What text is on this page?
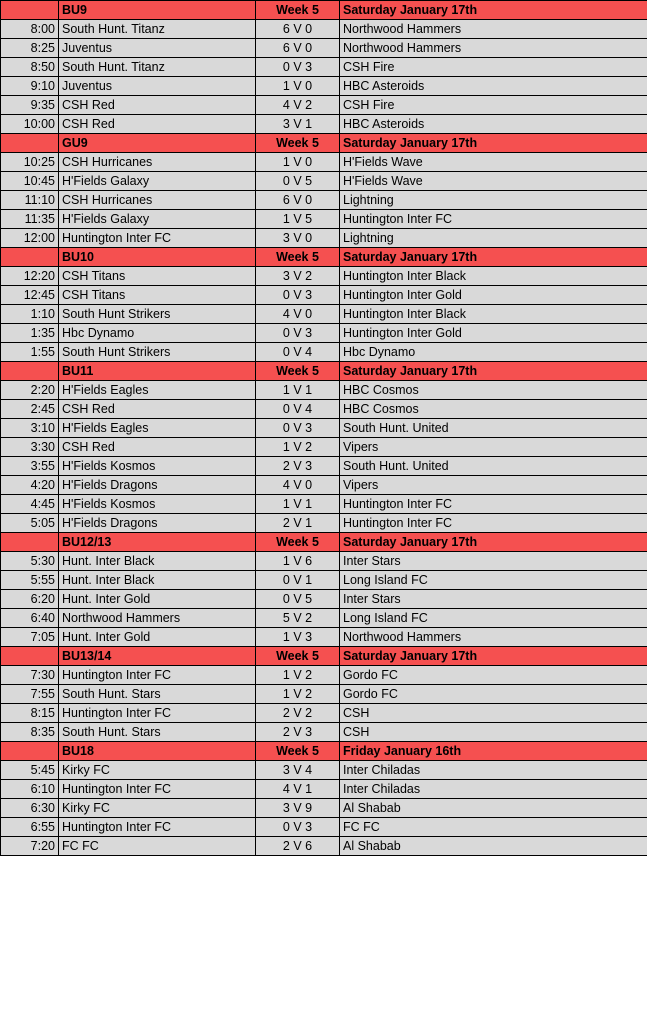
	BU9	Week 5	Saturday January 17th
8:00	South Hunt. Titanz	6 V 0	Northwood Hammers
8:25	Juventus	6 V 0	Northwood Hammers
8:50	South Hunt. Titanz	0 V 3	CSH Fire
9:10	Juventus	1 V 0	HBC Asteroids
9:35	CSH Red	4 V 2	CSH Fire
10:00	CSH Red	3 V 1	HBC Asteroids
	GU9	Week 5	Saturday January 17th
10:25	CSH Hurricanes	1 V 0	H'Fields Wave
10:45	H'Fields Galaxy	0 V 5	H'Fields Wave
11:10	CSH Hurricanes	6 V 0	Lightning
11:35	H'Fields Galaxy	1 V 5	Huntington Inter FC
12:00	Huntington Inter FC	3 V 0	Lightning
	BU10	Week 5	Saturday January 17th
12:20	CSH Titans	3 V 2	Huntington Inter Black
12:45	CSH Titans	0 V 3	Huntington Inter Gold
1:10	South Hunt Strikers	4 V 0	Huntington Inter Black
1:35	Hbc Dynamo	0 V 3	Huntington Inter Gold
1:55	South Hunt Strikers	0 V 4	Hbc Dynamo
	BU11	Week 5	Saturday January 17th
2:20	H'Fields Eagles	1 V 1	HBC Cosmos
2:45	CSH Red	0 V 4	HBC Cosmos
3:10	H'Fields Eagles	0 V 3	South Hunt. United
3:30	CSH Red	1 V 2	Vipers
3:55	H'Fields Kosmos	2 V 3	South Hunt. United
4:20	H'Fields Dragons	4 V 0	Vipers
4:45	H'Fields Kosmos	1 V 1	Huntington Inter FC
5:05	H'Fields Dragons	2 V 1	Huntington Inter FC
	BU12/13	Week 5	Saturday January 17th
5:30	Hunt. Inter Black	1 V 6	Inter Stars
5:55	Hunt. Inter Black	0 V 1	Long Island FC
6:20	Hunt. Inter Gold	0 V 5	Inter Stars
6:40	Northwood Hammers	5 V 2	Long Island FC
7:05	Hunt. Inter Gold	1 V 3	Northwood Hammers
	BU13/14	Week 5	Saturday January 17th
7:30	Huntington Inter FC	1 V 2	Gordo FC
7:55	South Hunt. Stars	1 V 2	Gordo FC
8:15	Huntington Inter FC	2 V 2	CSH
8:35	South Hunt. Stars	2 V 3	CSH
	BU18	Week 5	Friday January 16th
5:45	Kirky FC	3 V 4	Inter Chiladas
6:10	Huntington Inter FC	4 V 1	Inter Chiladas
6:30	Kirky FC	3 V 9	Al Shabab
6:55	Huntington Inter FC	0 V 3	FC FC
7:20	FC FC	2 V 6	Al Shabab
